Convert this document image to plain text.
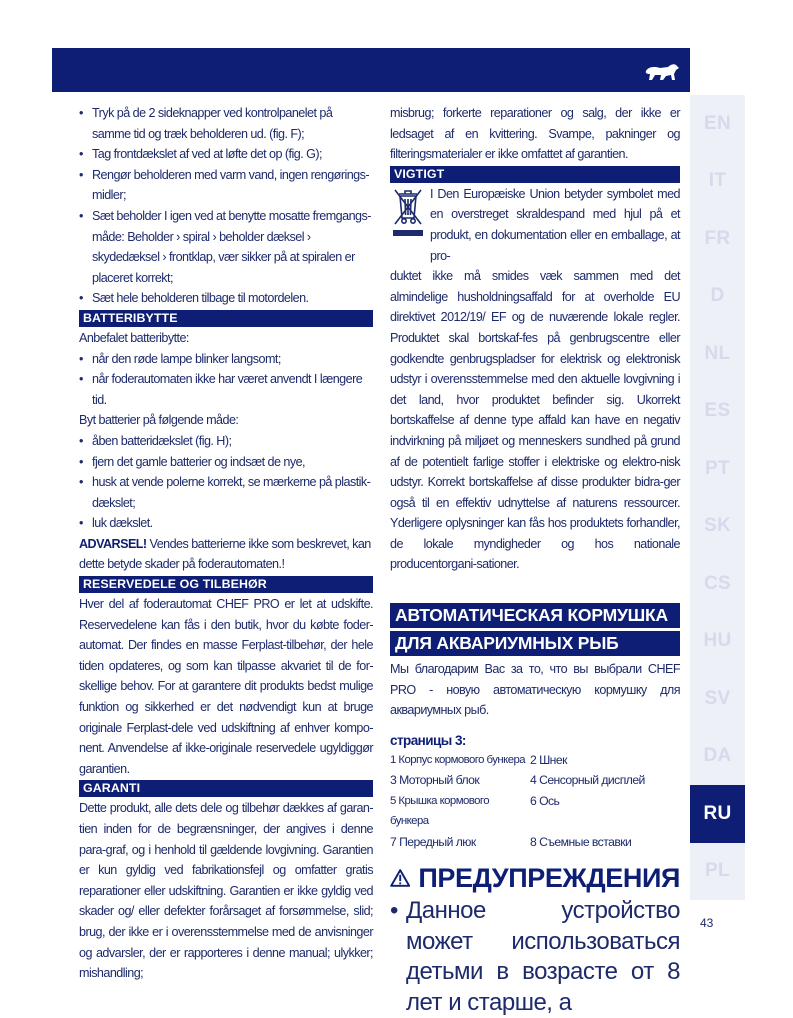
• Tryk på de 2 sideknapper ved kontrolpanelet på samme tid og træk beholderen ud. (fig. F);
• Tag frontdækslet af ved at løfte det op (fig. G);
• Rengør beholderen med varm vand, ingen rengørings-midler;
• Sæt beholder I igen ved at benytte mosatte fremgangs-måde: Beholder › spiral › beholder dæksel › skydedæksel › frontklap, vær sikker på at spiralen er placeret korrekt;
• Sæt hele beholderen tilbage til motordelen.
BATTERIBYTTE

Anbefalet batteribytte:

• når den røde lampe blinker langsomt;
• når foderautomaten ikke har været anvendt I længere tid.

Byt batterier på følgende måde:

• åben batteridækslet (fig. H);
• fjern det gamle batterier og indsæt de nye,
• husk at vende polerne korrekt, se mærkerne på plastik-dækslet;
• luk dækslet.

ADVARSEL! Vendes batterierne ikke som beskrevet, kan dette betyde skader på foderautomaten.!

RESERVEDELE OG TILBEHØR

Hver del af foderautomat CHEF PRO er let at udskifte. Reservedelene kan fås i den butik, hvor du købte foder-automat. Der findes en masse Ferplast-tilbehør, der hele tiden opdateres, og som kan tilpasse akvariet til de for-skellige behov. For at garantere dit produkts bedst mulige funktion og sikkerhed er det nødvendigt kun at bruge originale Ferplast-dele ved udskiftning af enhver kompo-nent. Anvendelse af ikke-originale reservedele ugyldiggør garantien.

GARANTI

Dette produkt, alle dets dele og tilbehør dækkes af garan-tien inden for de begrænsninger, der angives i denne para-graf, og i henhold til gældende lovgivning. Garantien er kun gyldig ved fabrikationsfejl og omfatter gratis reparationer eller udskiftning. Garantien er ikke gyldig ved skader og/ eller defekter forårsaget af forsømmelse, slid; brug, der ikke er i overensstemmelse med de anvisninger og advarsler, der er rapporteres i denne manual; ulykker; mishandling;

misbrug; forkerte reparationer og salg, der ikke er ledsaget af en kvittering. Svampe, pakninger og filteringsmaterialer er ikke omfattet af garantien.

VIGTIGT

I Den Europæiske Union betyder symbolet med en overstreget skraldespand med hjul på et produkt, en dokumentation eller en emballage, at pro-

duktet ikke må smides væk sammen med det almindelige husholdningsaffald for at overholde EU direktivet 2012/19/ EF og de nuværende lokale regler. Produktet skal bortskaf-fes på genbrugscentre eller godkendte genbrugspladser for elektrisk og elektronisk udstyr i overensstemmelse med den aktuelle lovgivning i det land, hvor produktet befinder sig. Ukorrekt bortskaffelse af denne type affald kan have en negativ indvirkning på miljøet og menneskers sundhed på grund af de potentielt farlige stoffer i elektriske og elektro-nisk udstyr. Korrekt bortskaffelse af disse produkter bidra-ger også til en effektiv udnyttelse af naturens ressourcer. Yderligere oplysninger kan fås hos produktets forhandler, de lokale myndigheder og hos nationale producentorgani-sationer.

АВТОМАТИЧЕСКАЯ КОРМУШКА
ДЛЯ АКВАРИУМНЫХ РЫБ

Мы благодарим Вас за то, что вы выбрали CHEF PRO - новую автоматическую кормушку для аквариумных рыб.

страницы 3:
1 Корпус кормового бункера 2 Шнек
3 Моторный блок	4 Сенсорный дисплей
5 Крышка кормового бункера
6 Ось
7 Передный люк	8 Съемные вставки
ПРЕДУПРЕЖДЕНИЯ

• Данное устройство может использоваться детьми в возрасте от 8 лет и старше, а

EN
IT
FR
D
NL
ES
PT
SK
CS
HU
SV
DA
RU
PL
43
